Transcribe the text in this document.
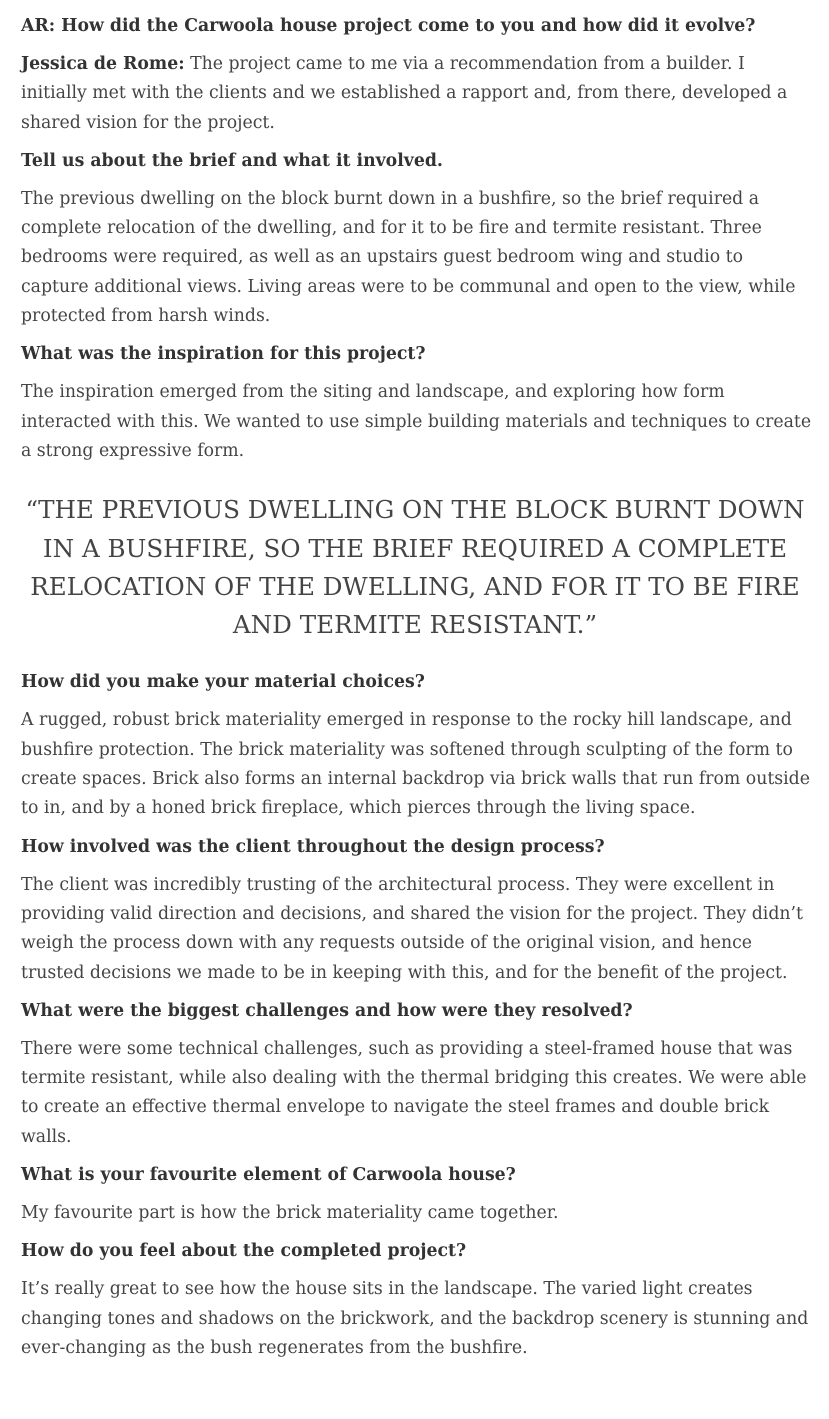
AR: How did the Carwoola house project come to you and how did it evolve?

Jessica de Rome: The project came to me via a recommendation from a builder. I initially met with the clients and we established a rapport and, from there, developed a shared vision for the project.

Tell us about the brief and what it involved.

The previous dwelling on the block burnt down in a bushfire, so the brief required a complete relocation of the dwelling, and for it to be fire and termite resistant. Three bedrooms were required, as well as an upstairs guest bedroom wing and studio to capture additional views. Living areas were to be communal and open to the view, while protected from harsh winds.

What was the inspiration for this project?

The inspiration emerged from the siting and landscape, and exploring how form interacted with this. We wanted to use simple building materials and techniques to create a strong expressive form.

“THE PREVIOUS DWELLING ON THE BLOCK BURNT DOWN IN A BUSHFIRE, SO THE BRIEF REQUIRED A COMPLETE RELOCATION OF THE DWELLING, AND FOR IT TO BE FIRE AND TERMITE RESISTANT.”

How did you make your material choices?

A rugged, robust brick materiality emerged in response to the rocky hill landscape, and bushfire protection. The brick materiality was softened through sculpting of the form to create spaces. Brick also forms an internal backdrop via brick walls that run from outside to in, and by a honed brick fireplace, which pierces through the living space.

How involved was the client throughout the design process?

The client was incredibly trusting of the architectural process. They were excellent in providing valid direction and decisions, and shared the vision for the project. They didn’t weigh the process down with any requests outside of the original vision, and hence trusted decisions we made to be in keeping with this, and for the benefit of the project.

What were the biggest challenges and how were they resolved?

There were some technical challenges, such as providing a steel-framed house that was termite resistant, while also dealing with the thermal bridging this creates. We were able to create an effective thermal envelope to navigate the steel frames and double brick walls.

What is your favourite element of Carwoola house?

My favourite part is how the brick materiality came together.

How do you feel about the completed project?

It’s really great to see how the house sits in the landscape. The varied light creates changing tones and shadows on the brickwork, and the backdrop scenery is stunning and ever-changing as the bush regenerates from the bushfire.
